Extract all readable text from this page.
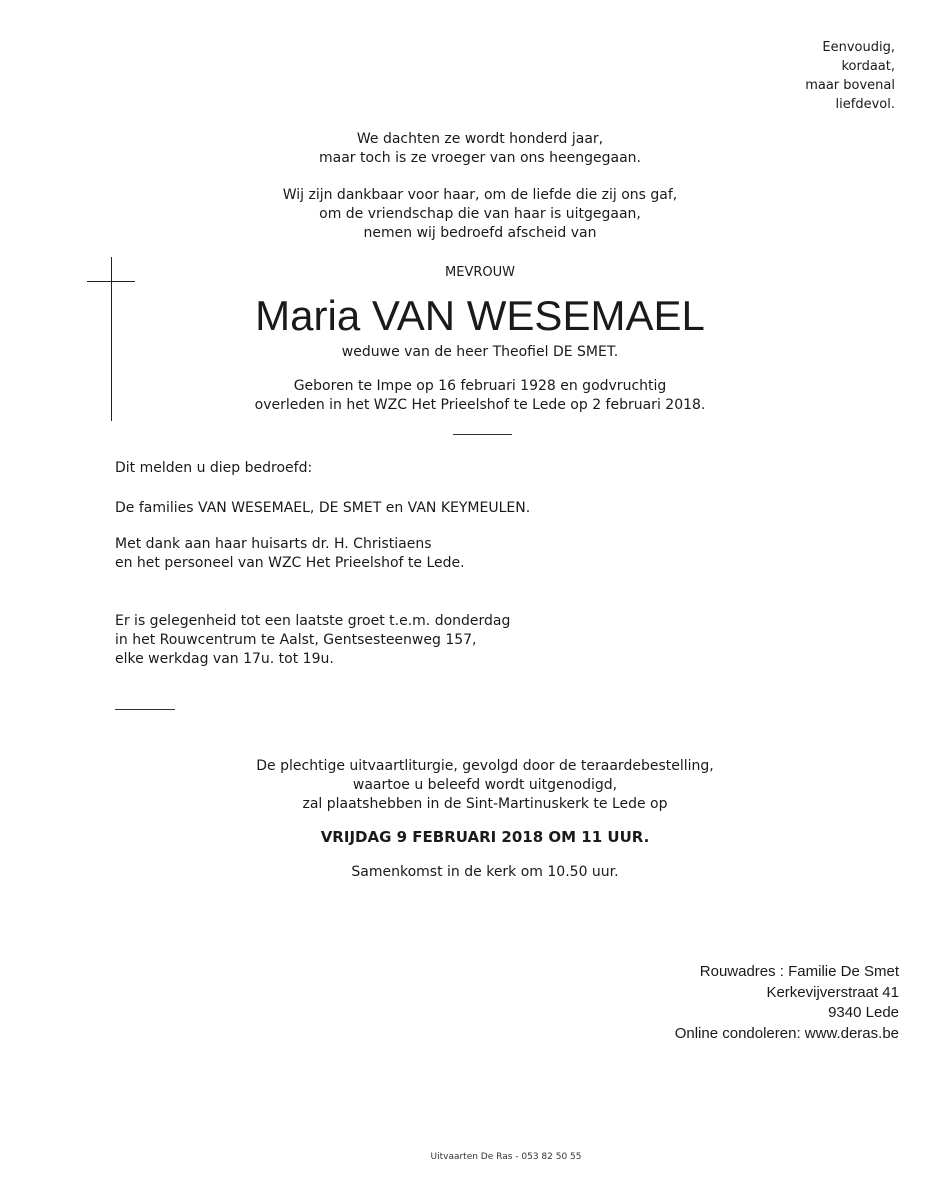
Eenvoudig,
kordaat,
maar bovenal
liefdevol.
We dachten ze wordt honderd jaar,
maar toch is ze vroeger van ons heengegaan.
Wij zijn dankbaar voor haar, om de liefde die zij ons gaf,
om de vriendschap die van haar is uitgegaan,
nemen wij bedroefd afscheid van
MEVROUW
Maria VAN WESEMAEL
weduwe van de heer Theofiel DE SMET.
Geboren te Impe op 16 februari 1928 en godvruchtig
overleden in het WZC Het Prieelshof te Lede op 2 februari 2018.
Dit melden u diep bedroefd:
De families VAN WESEMAEL, DE SMET en VAN KEYMEULEN.
Met dank aan haar huisarts dr. H. Christiaens
en het personeel van WZC Het Prieelshof te Lede.
Er is gelegenheid tot een laatste groet t.e.m. donderdag
in het Rouwcentrum te Aalst, Gentsesteenweg 157,
elke werkdag van 17u. tot 19u.
De plechtige uitvaartliturgie, gevolgd door de teraardebestelling,
waartoe u beleefd wordt uitgenodigd,
zal plaatshebben in de Sint-Martinuskerk te Lede op
VRIJDAG 9 FEBRUARI 2018 OM 11 UUR.
Samenkomst in de kerk om 10.50 uur.
Rouwadres : Familie De Smet
Kerkevijverstraat 41
9340 Lede
Online condoleren: www.deras.be
Uitvaarten De Ras - 053 82 50 55
